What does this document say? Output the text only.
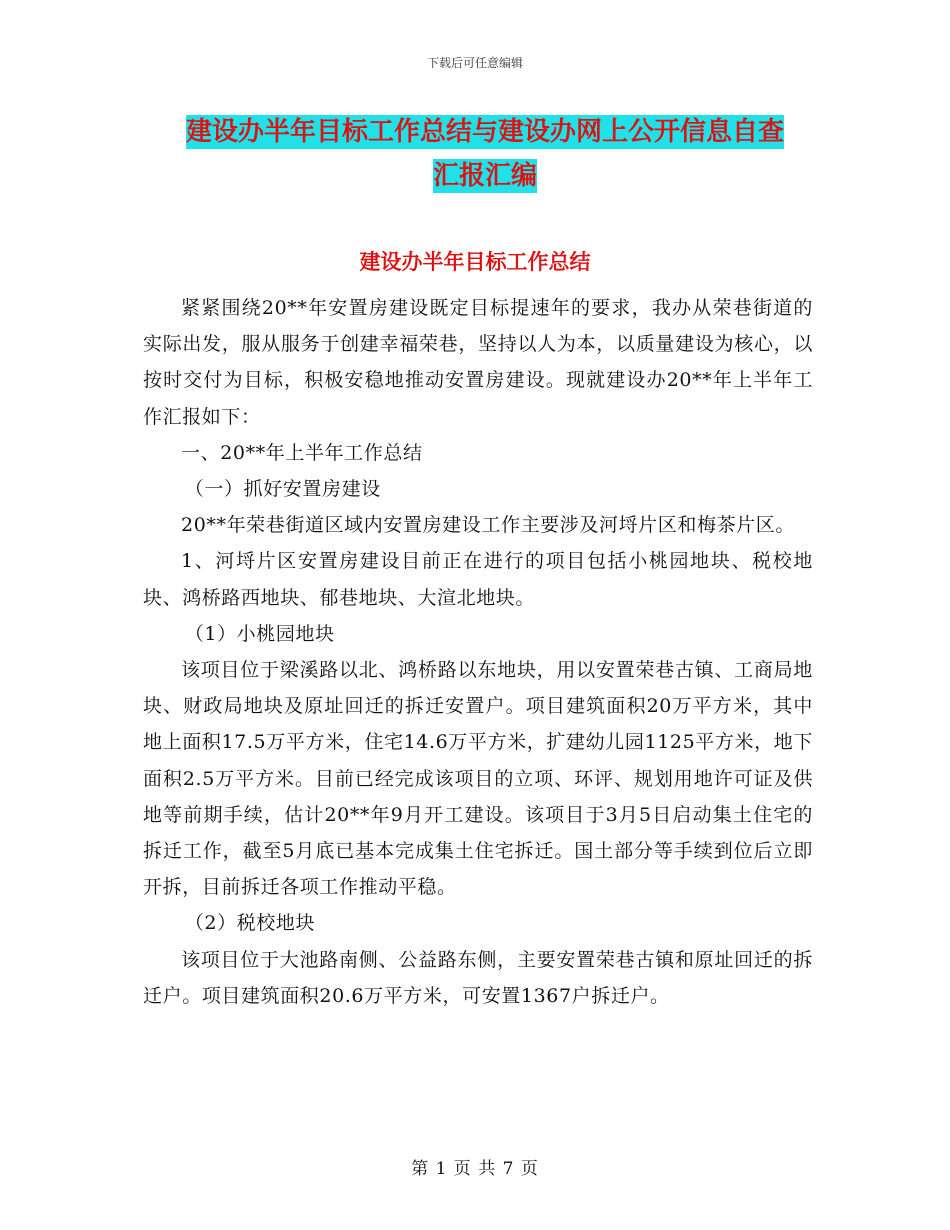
下载后可任意编辑
建设办半年目标工作总结与建设办网上公开信息自查
汇报汇编
建设办半年目标工作总结

紧紧围绕20**年安置房建设既定目标提速年的要求，我办从荣巷街道的实际出发，服从服务于创建幸福荣巷，坚持以人为本，以质量建设为核心，以按时交付为目标，积极安稳地推动安置房建设。现就建设办20**年上半年工作汇报如下：

一、20**年上半年工作总结

（一）抓好安置房建设

20**年荣巷街道区域内安置房建设工作主要涉及河埒片区和梅茶片区。

1、河埒片区安置房建设目前正在进行的项目包括小桃园地块、税校地块、鸿桥路西地块、郁巷地块、大渲北地块。

（1）小桃园地块

该项目位于梁溪路以北、鸿桥路以东地块，用以安置荣巷古镇、工商局地块、财政局地块及原址回迁的拆迁安置户。项目建筑面积20万平方米，其中地上面积17.5万平方米，住宅14.6万平方米，扩建幼儿园1125平方米，地下面积2.5万平方米。目前已经完成该项目的立项、环评、规划用地许可证及供地等前期手续，估计20**年9月开工建设。该项目于3月5日启动集土住宅的拆迁工作，截至5月底已基本完成集土住宅拆迁。国土部分等手续到位后立即开拆，目前拆迁各项工作推动平稳。

（2）税校地块

该项目位于大池路南侧、公益路东侧，主要安置荣巷古镇和原址回迁的拆迁户。项目建筑面积20.6万平方米，可安置1367户拆迁户。

第 1 页 共 7 页
